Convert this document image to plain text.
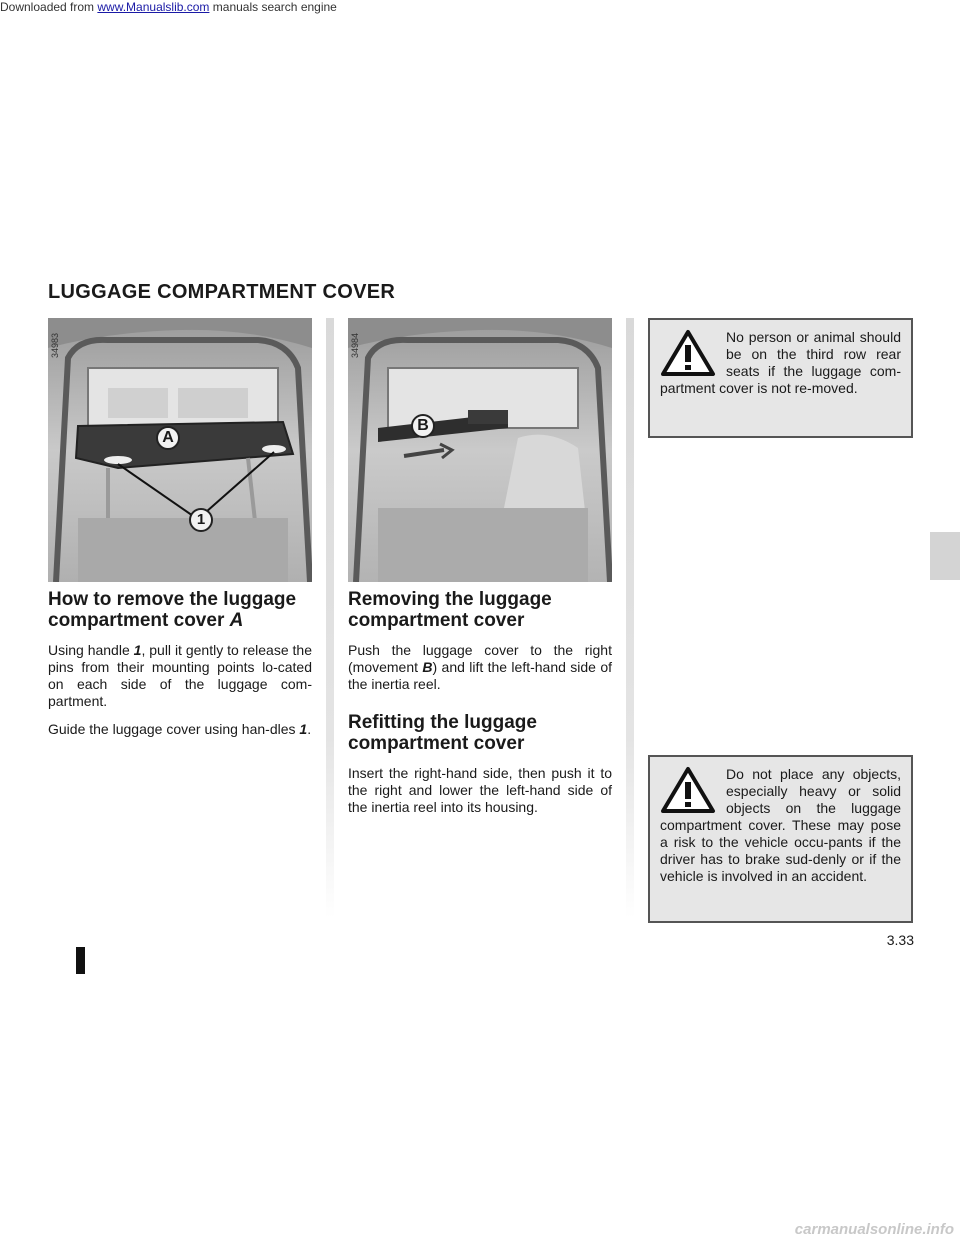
Downloaded from www.Manualslib.com manuals search engine
LUGGAGE COMPARTMENT COVER
34983
A
1
34984
B
How to remove the luggage compartment cover A

Using handle 1, pull it gently to release the pins from their mounting points lo-cated on each side of the luggage com-partment.

Guide the luggage cover using han-dles 1.

Removing the luggage compartment cover

Push the luggage cover to the right (movement B) and lift the left-hand side of the inertia reel.

Refitting the luggage compartment cover

Insert the right-hand side, then push it to the right and lower the left-hand side of the inertia reel into its housing.

No person or animal should be on the third row rear seats if the luggage com-partment cover is not re-moved.

Do not place any objects, especially heavy or solid objects on the luggage compartment cover. These may pose a risk to the vehicle occu-pants if the driver has to brake sud-denly or if the vehicle is involved in an accident.

3.33
carmanualsonline.info
